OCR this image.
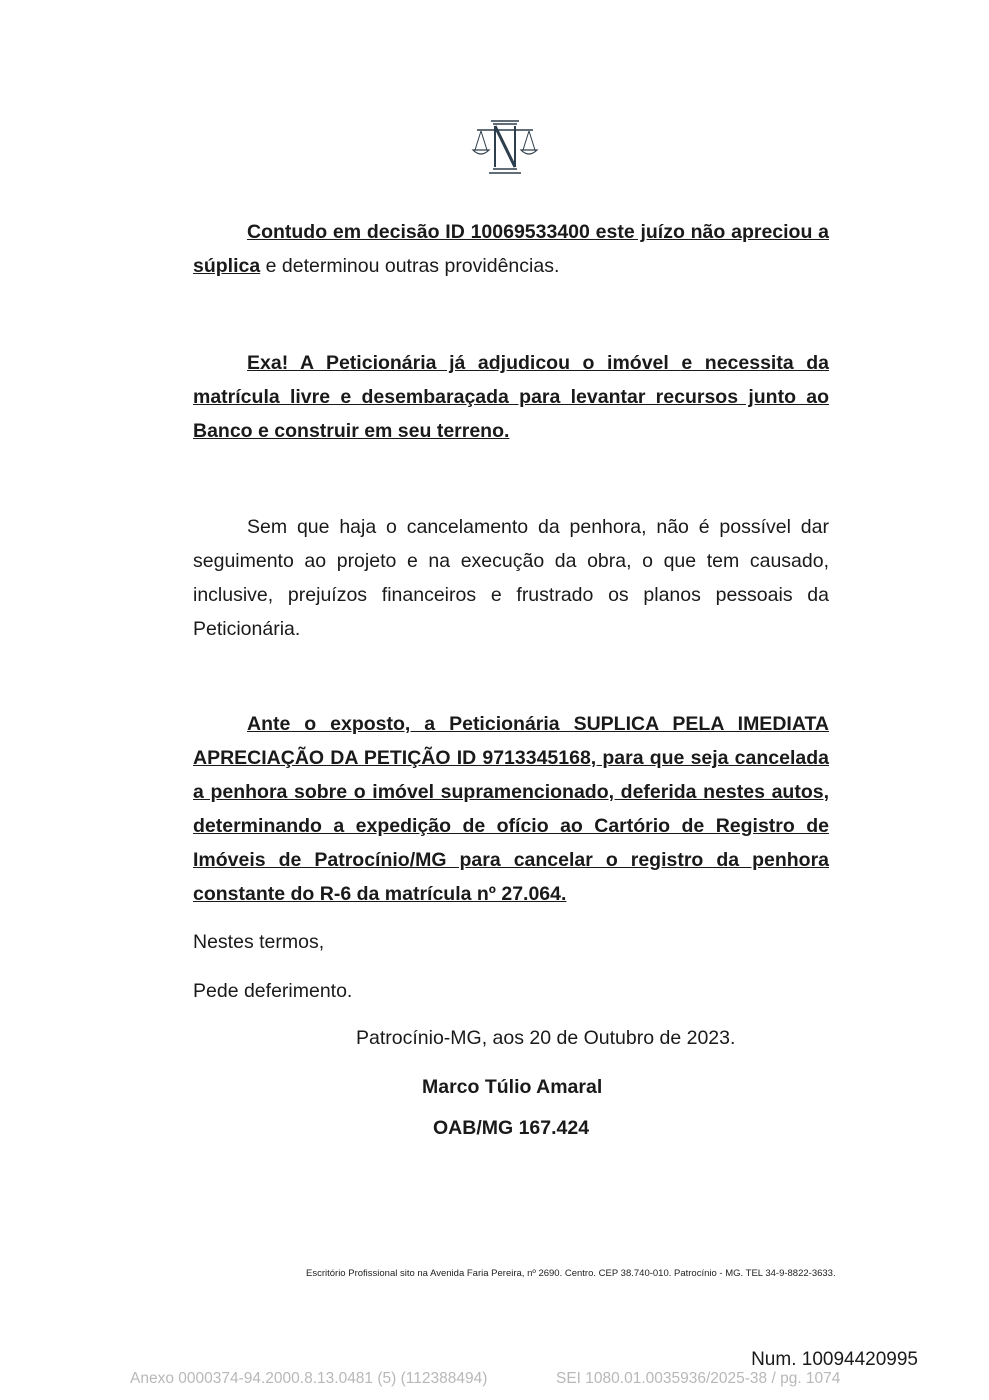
Contudo em decisão ID 10069533400 este juízo não apreciou a súplica e determinou outras providências.

Exa! A Peticionária já adjudicou o imóvel e necessita da matrícula livre e desembaraçada para levantar recursos junto ao Banco e construir em seu terreno.

Sem que haja o cancelamento da penhora, não é possível dar seguimento ao projeto e na execução da obra, o que tem causado, inclusive, prejuízos financeiros e frustrado os planos pessoais da Peticionária.

Ante o exposto, a Peticionária SUPLICA PELA IMEDIATA APRECIAÇÃO DA PETIÇÃO ID 9713345168, para que seja cancelada a penhora sobre o imóvel supramencionado, deferida nestes autos, determinando a expedição de ofício ao Cartório de Registro de Imóveis de Patrocínio/MG para cancelar o registro da penhora constante do R-6 da matrícula nº 27.064.

Nestes termos,

Pede deferimento.

Patrocínio-MG, aos 20 de Outubro de 2023.

Marco Túlio Amaral

OAB/MG 167.424

Escritório Profissional sito na Avenida Faria Pereira, nº 2690. Centro. CEP 38.740-010. Patrocínio - MG. TEL 34-9-8822-3633.
Num. 10094420995
Anexo 0000374-94.2000.8.13.0481 (5) (112388494)	SEI 1080.01.0035936/2025-38 / pg. 1074
